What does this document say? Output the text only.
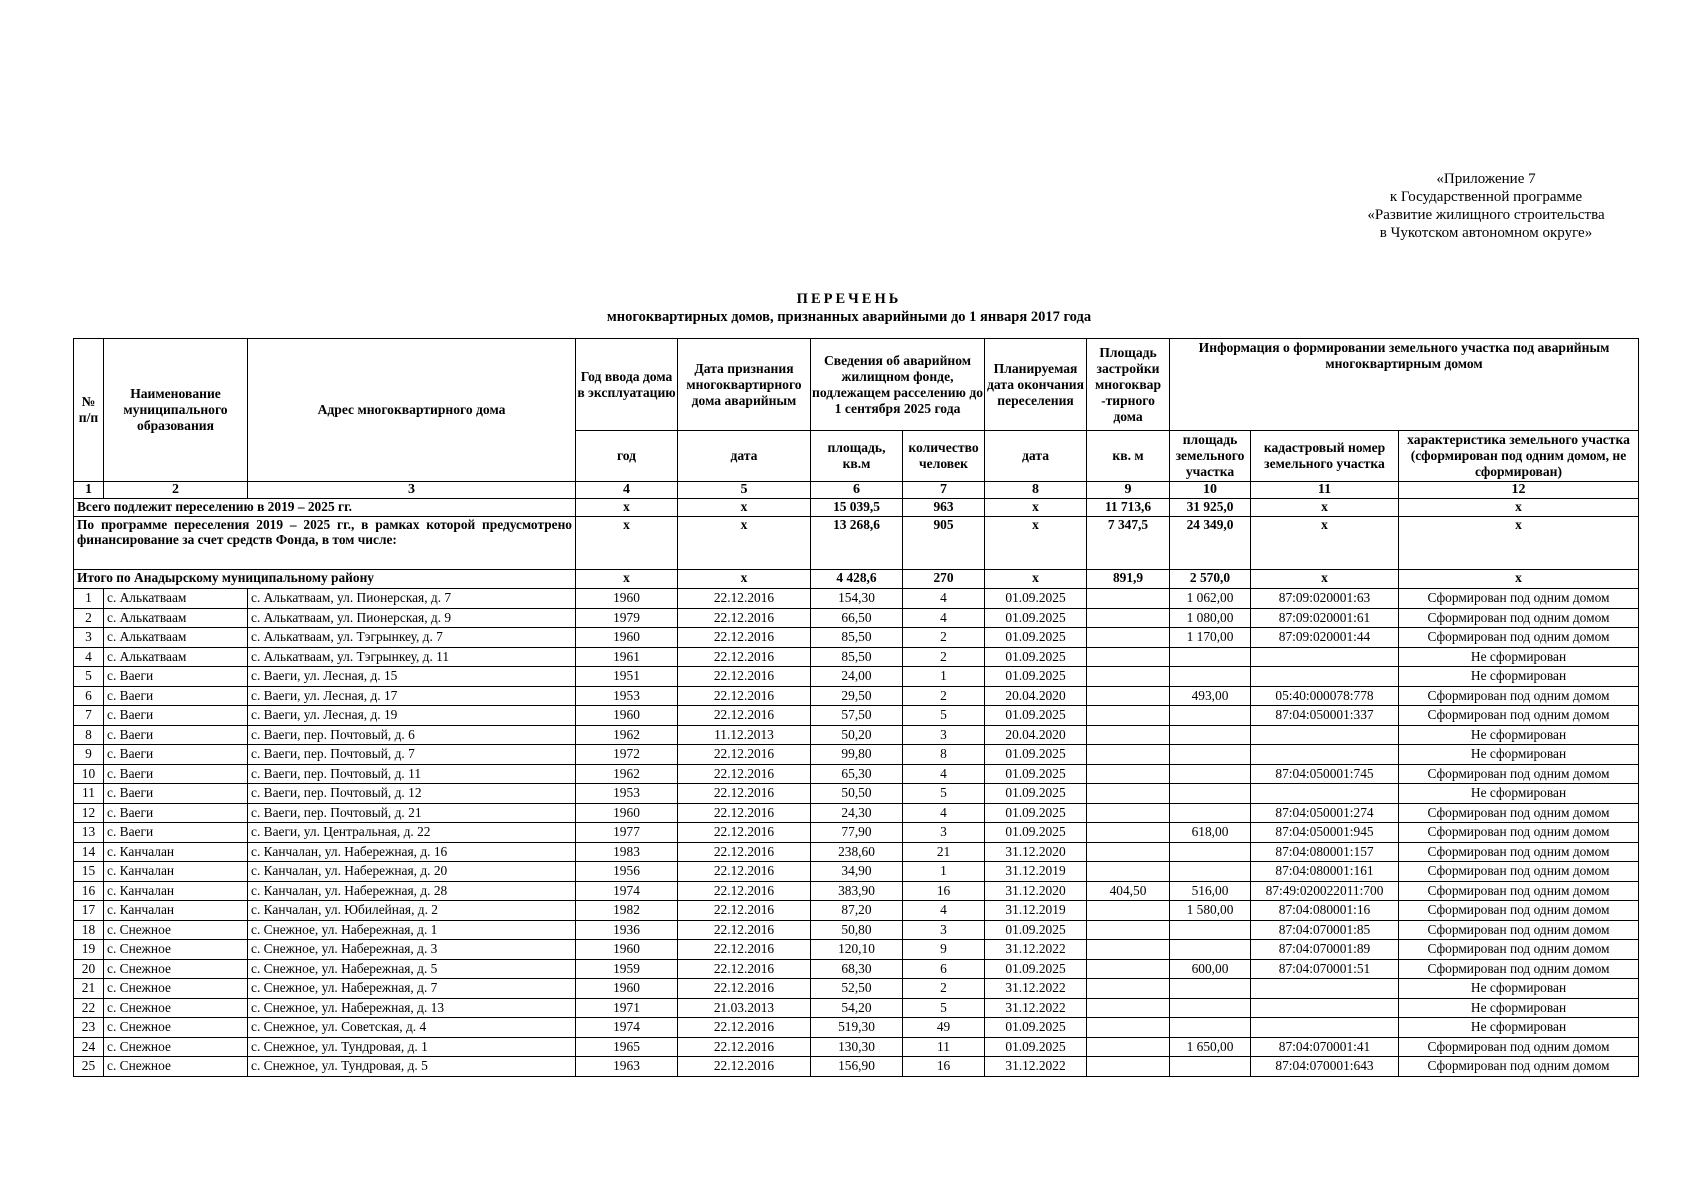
«Приложение 7
к Государственной программе
«Развитие жилищного строительства
в Чукотском автономном округе»
ПЕРЕЧЕНЬ
многоквартирных домов, признанных аварийными до 1 января 2017 года
№ п/п	Наименование муниципального образования	Адрес многоквартирного дома	Год ввода дома в эксплуатацию	Дата признания многоквартирного дома аварийным	Сведения об аварийном жилищном фонде, подлежащем расселению до 1 сентября 2025 года		Планируемая дата окончания переселения	Площадь застройки многоквар -тирного дома	Информация о формировании земельного участка под аварийным многоквартирным домом		
			год	дата	площадь, кв.м	количество человек	дата	кв. м	площадь земельного участка	кадастровый номер земельного участка	характеристика земельного участка (сформирован под одним домом, не сформирован)
1	2	3	4	5	6	7	8	9	10	11	12
Всего подлежит переселению в 2019 – 2025 гг.			х	х	15 039,5	963	х	11 713,6	31 925,0	х	х
По программе переселения 2019 – 2025 гг., в рамках которой предусмотрено финансирование за счет средств Фонда, в том числе:			х	х	13 268,6	905	х	7 347,5	24 349,0	х	х
Итого по Анадырскому муниципальному району			х	х	4 428,6	270	х	891,9	2 570,0	х	х
1	с. Алькатваам	с. Алькатваам, ул. Пионерская, д. 7	1960	22.12.2016	154,30	4	01.09.2025		1 062,00	87:09:020001:63	Сформирован под одним домом
2	с. Алькатваам	с. Алькатваам, ул. Пионерская, д. 9	1979	22.12.2016	66,50	4	01.09.2025		1 080,00	87:09:020001:61	Сформирован под одним домом
3	с. Алькатваам	с. Алькатваам, ул. Тэгрынкеу, д. 7	1960	22.12.2016	85,50	2	01.09.2025		1 170,00	87:09:020001:44	Сформирован под одним домом
4	с. Алькатваам	с. Алькатваам, ул. Тэгрынкеу, д. 11	1961	22.12.2016	85,50	2	01.09.2025				Не сформирован
5	с. Ваеги	с. Ваеги, ул. Лесная, д. 15	1951	22.12.2016	24,00	1	01.09.2025				Не сформирован
6	с. Ваеги	с. Ваеги, ул. Лесная, д. 17	1953	22.12.2016	29,50	2	20.04.2020		493,00	05:40:000078:778	Сформирован под одним домом
7	с. Ваеги	с. Ваеги, ул. Лесная, д. 19	1960	22.12.2016	57,50	5	01.09.2025			87:04:050001:337	Сформирован под одним домом
8	с. Ваеги	с. Ваеги, пер. Почтовый, д. 6	1962	11.12.2013	50,20	3	20.04.2020				Не сформирован
9	с. Ваеги	с. Ваеги, пер. Почтовый, д. 7	1972	22.12.2016	99,80	8	01.09.2025				Не сформирован
10	с. Ваеги	с. Ваеги, пер. Почтовый, д. 11	1962	22.12.2016	65,30	4	01.09.2025			87:04:050001:745	Сформирован под одним домом
11	с. Ваеги	с. Ваеги, пер. Почтовый, д. 12	1953	22.12.2016	50,50	5	01.09.2025				Не сформирован
12	с. Ваеги	с. Ваеги, пер. Почтовый, д. 21	1960	22.12.2016	24,30	4	01.09.2025			87:04:050001:274	Сформирован под одним домом
13	с. Ваеги	с. Ваеги, ул. Центральная, д. 22	1977	22.12.2016	77,90	3	01.09.2025		618,00	87:04:050001:945	Сформирован под одним домом
14	с. Канчалан	с. Канчалан, ул. Набережная, д. 16	1983	22.12.2016	238,60	21	31.12.2020			87:04:080001:157	Сформирован под одним домом
15	с. Канчалан	с. Канчалан, ул. Набережная, д. 20	1956	22.12.2016	34,90	1	31.12.2019			87:04:080001:161	Сформирован под одним домом
16	с. Канчалан	с. Канчалан, ул. Набережная, д. 28	1974	22.12.2016	383,90	16	31.12.2020	404,50	516,00	87:49:020022011:700	Сформирован под одним домом
17	с. Канчалан	с. Канчалан, ул. Юбилейная, д. 2	1982	22.12.2016	87,20	4	31.12.2019		1 580,00	87:04:080001:16	Сформирован под одним домом
18	с. Снежное	с. Снежное, ул. Набережная, д. 1	1936	22.12.2016	50,80	3	01.09.2025			87:04:070001:85	Сформирован под одним домом
19	с. Снежное	с. Снежное, ул. Набережная, д. 3	1960	22.12.2016	120,10	9	31.12.2022			87:04:070001:89	Сформирован под одним домом
20	с. Снежное	с. Снежное, ул. Набережная, д. 5	1959	22.12.2016	68,30	6	01.09.2025		600,00	87:04:070001:51	Сформирован под одним домом
21	с. Снежное	с. Снежное, ул. Набережная, д. 7	1960	22.12.2016	52,50	2	31.12.2022				Не сформирован
22	с. Снежное	с. Снежное, ул. Набережная, д. 13	1971	21.03.2013	54,20	5	31.12.2022				Не сформирован
23	с. Снежное	с. Снежное, ул. Советская, д. 4	1974	22.12.2016	519,30	49	01.09.2025				Не сформирован
24	с. Снежное	с. Снежное, ул. Тундровая, д. 1	1965	22.12.2016	130,30	11	01.09.2025		1 650,00	87:04:070001:41	Сформирован под одним домом
25	с. Снежное	с. Снежное, ул. Тундровая, д. 5	1963	22.12.2016	156,90	16	31.12.2022			87:04:070001:643	Сформирован под одним домом
